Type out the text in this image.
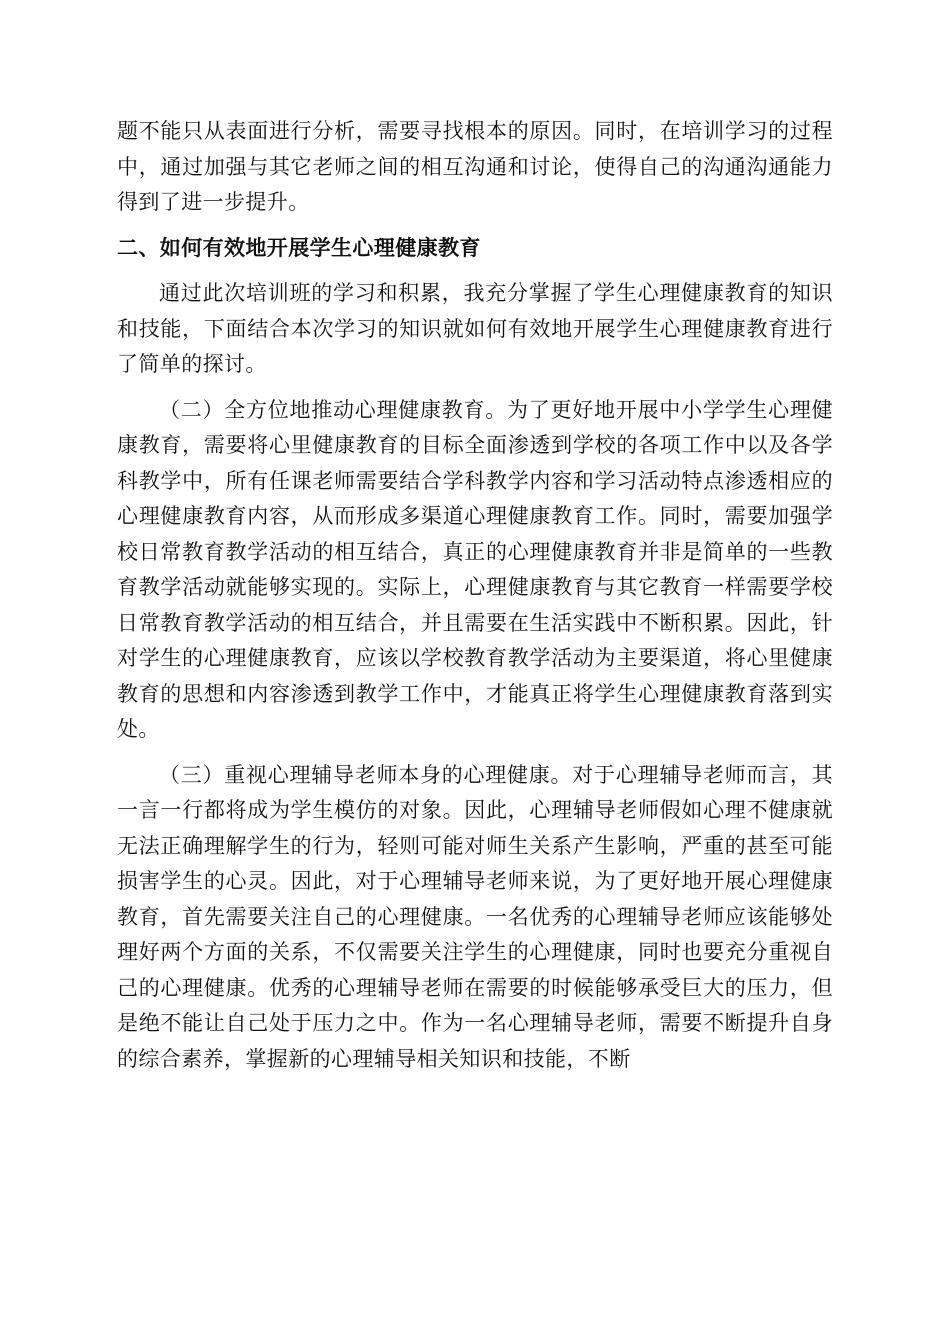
题不能只从表面进行分析，需要寻找根本的原因。同时，在培训学习的过程中，通过加强与其它老师之间的相互沟通和讨论，使得自己的沟通沟通能力得到了进一步提升。

二、如何有效地开展学生心理健康教育

通过此次培训班的学习和积累，我充分掌握了学生心理健康教育的知识和技能，下面结合本次学习的知识就如何有效地开展学生心理健康教育进行了简单的探讨。

（二）全方位地推动心理健康教育。为了更好地开展中小学学生心理健康教育，需要将心里健康教育的目标全面渗透到学校的各项工作中以及各学科教学中，所有任课老师需要结合学科教学内容和学习活动特点渗透相应的心理健康教育内容，从而形成多渠道心理健康教育工作。同时，需要加强学校日常教育教学活动的相互结合，真正的心理健康教育并非是简单的一些教育教学活动就能够实现的。实际上，心理健康教育与其它教育一样需要学校日常教育教学活动的相互结合，并且需要在生活实践中不断积累。因此，针对学生的心理健康教育，应该以学校教育教学活动为主要渠道，将心里健康教育的思想和内容渗透到教学工作中，才能真正将学生心理健康教育落到实处。

（三）重视心理辅导老师本身的心理健康。对于心理辅导老师而言，其一言一行都将成为学生模仿的对象。因此，心理辅导老师假如心理不健康就无法正确理解学生的行为，轻则可能对师生关系产生影响，严重的甚至可能损害学生的心灵。因此，对于心理辅导老师来说，为了更好地开展心理健康教育，首先需要关注自己的心理健康。一名优秀的心理辅导老师应该能够处理好两个方面的关系，不仅需要关注学生的心理健康，同时也要充分重视自己的心理健康。优秀的心理辅导老师在需要的时候能够承受巨大的压力，但是绝不能让自己处于压力之中。作为一名心理辅导老师，需要不断提升自身的综合素养，掌握新的心理辅导相关知识和技能，不断
